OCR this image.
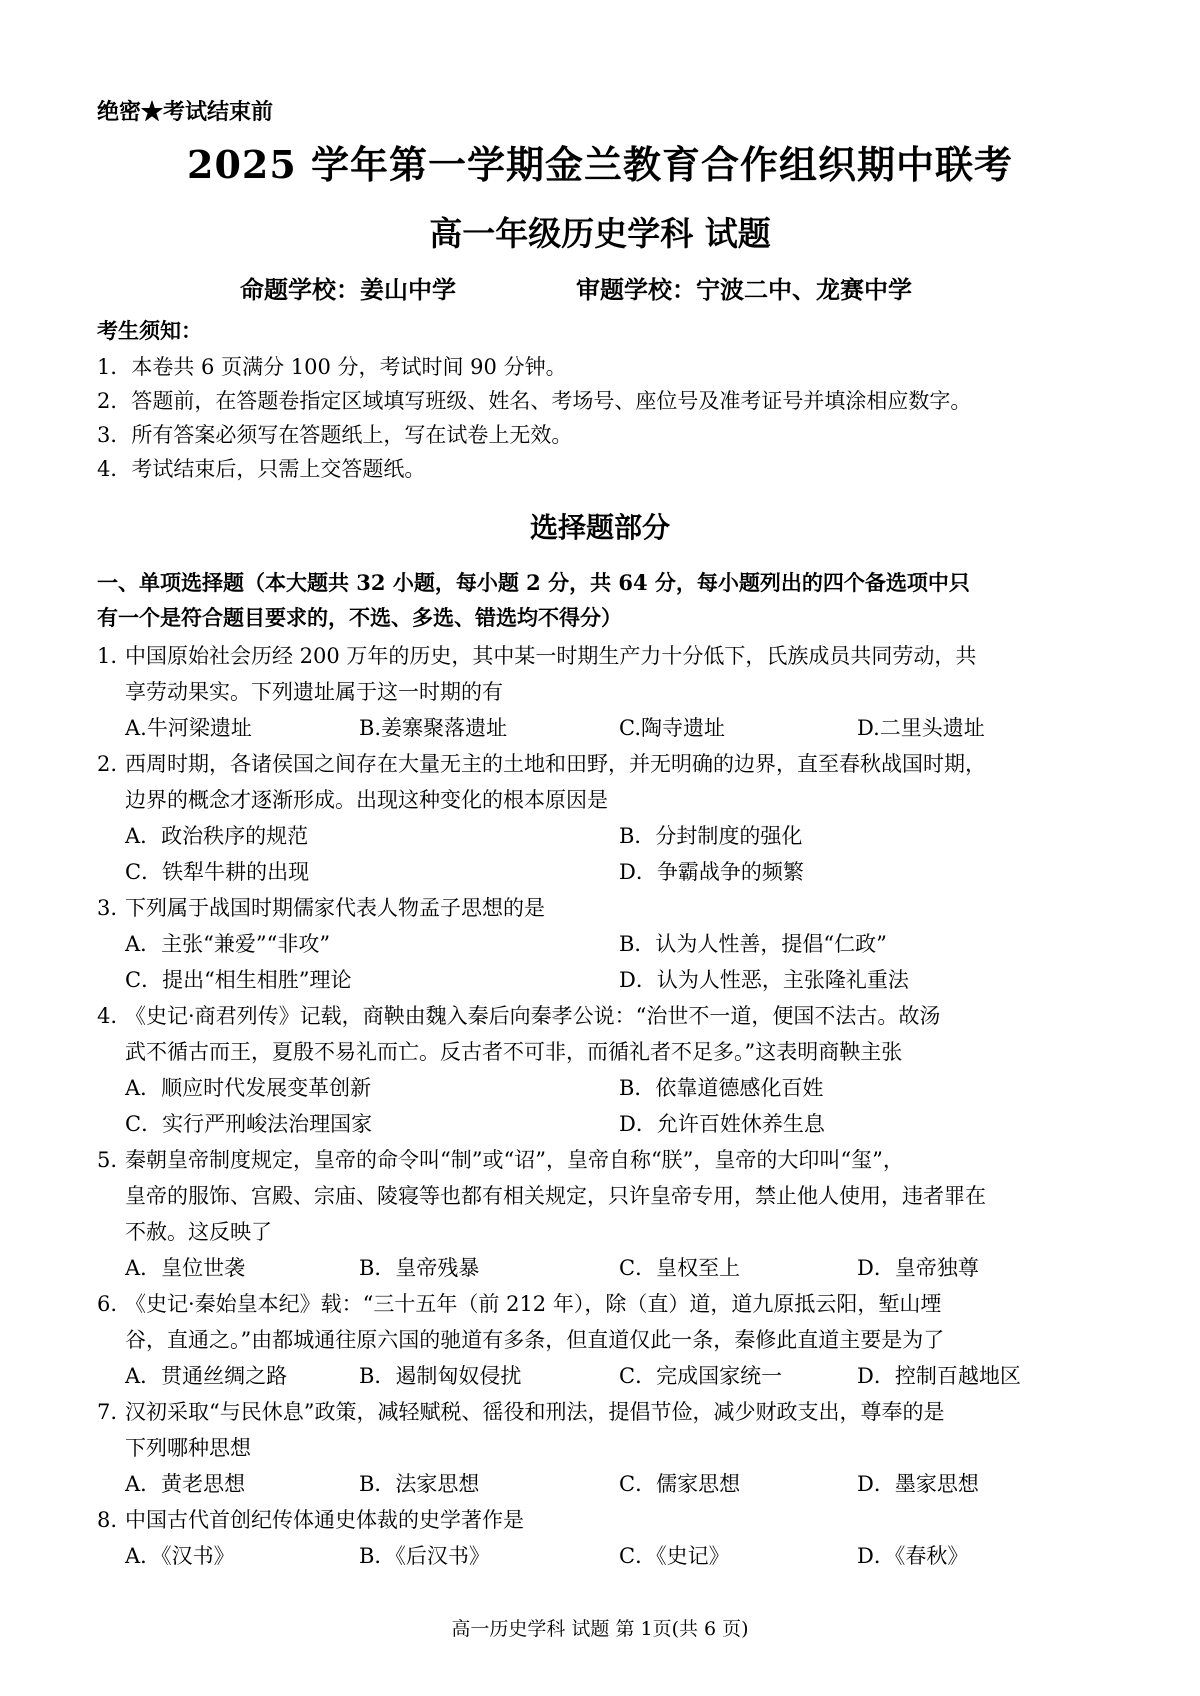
绝密★考试结束前
2025 学年第一学期金兰教育合作组织期中联考
高一年级历史学科 试题
命题学校：姜山中学	审题学校：宁波二中、龙赛中学
考生须知：
1．本卷共 6 页满分 100 分，考试时间 90 分钟。
2．答题前，在答题卷指定区域填写班级、姓名、考场号、座位号及准考证号并填涂相应数字。
3．所有答案必须写在答题纸上，写在试卷上无效。
4．考试结束后，只需上交答题纸。
选择题部分
一、单项选择题（本大题共 32 小题，每小题 2 分，共 64 分，每小题列出的四个备选项中只
有一个是符合题目要求的，不选、多选、错选均不得分）
1. 中国原始社会历经 200 万年的历史，其中某一时期生产力十分低下，氏族成员共同劳动，共
享劳动果实。下列遗址属于这一时期的有
A.牛河梁遗址	B.姜寨聚落遗址	C.陶寺遗址	D.二里头遗址
2. 西周时期，各诸侯国之间存在大量无主的土地和田野，并无明确的边界，直至春秋战国时期，
边界的概念才逐渐形成。出现这种变化的根本原因是
A．政治秩序的规范	B．分封制度的强化
C．铁犁牛耕的出现	D．争霸战争的频繁
3. 下列属于战国时期儒家代表人物孟子思想的是
A．主张“兼爱”“非攻”	B．认为人性善，提倡“仁政”
C．提出“相生相胜”理论	D．认为人性恶，主张隆礼重法
4. 《史记·商君列传》记载，商鞅由魏入秦后向秦孝公说：“治世不一道，便国不法古。故汤
武不循古而王，夏殷不易礼而亡。反古者不可非，而循礼者不足多。”这表明商鞅主张
A．顺应时代发展变革创新	B．依靠道德感化百姓
C．实行严刑峻法治理国家	D．允许百姓休养生息
5. 秦朝皇帝制度规定，皇帝的命令叫“制”或“诏”，皇帝自称“朕”，皇帝的大印叫“玺”，
皇帝的服饰、宫殿、宗庙、陵寝等也都有相关规定，只许皇帝专用，禁止他人使用，违者罪在
不赦。这反映了
A．皇位世袭	B．皇帝残暴	C．皇权至上	D．皇帝独尊
6. 《史记·秦始皇本纪》载：“三十五年（前 212 年），除（直）道，道九原抵云阳，堑山堙
谷，直通之。”由都城通往原六国的驰道有多条，但直道仅此一条，秦修此直道主要是为了
A．贯通丝绸之路	B．遏制匈奴侵扰	C．完成国家统一	D．控制百越地区
7. 汉初采取“与民休息”政策，减轻赋税、徭役和刑法，提倡节俭，减少财政支出，尊奉的是
下列哪种思想
A．黄老思想	B．法家思想	C．儒家思想	D．墨家思想
8. 中国古代首创纪传体通史体裁的史学著作是
A．《汉书》	B．《后汉书》	C．《史记》	D．《春秋》
高一历史学科 试题 第 1页(共 6 页)
